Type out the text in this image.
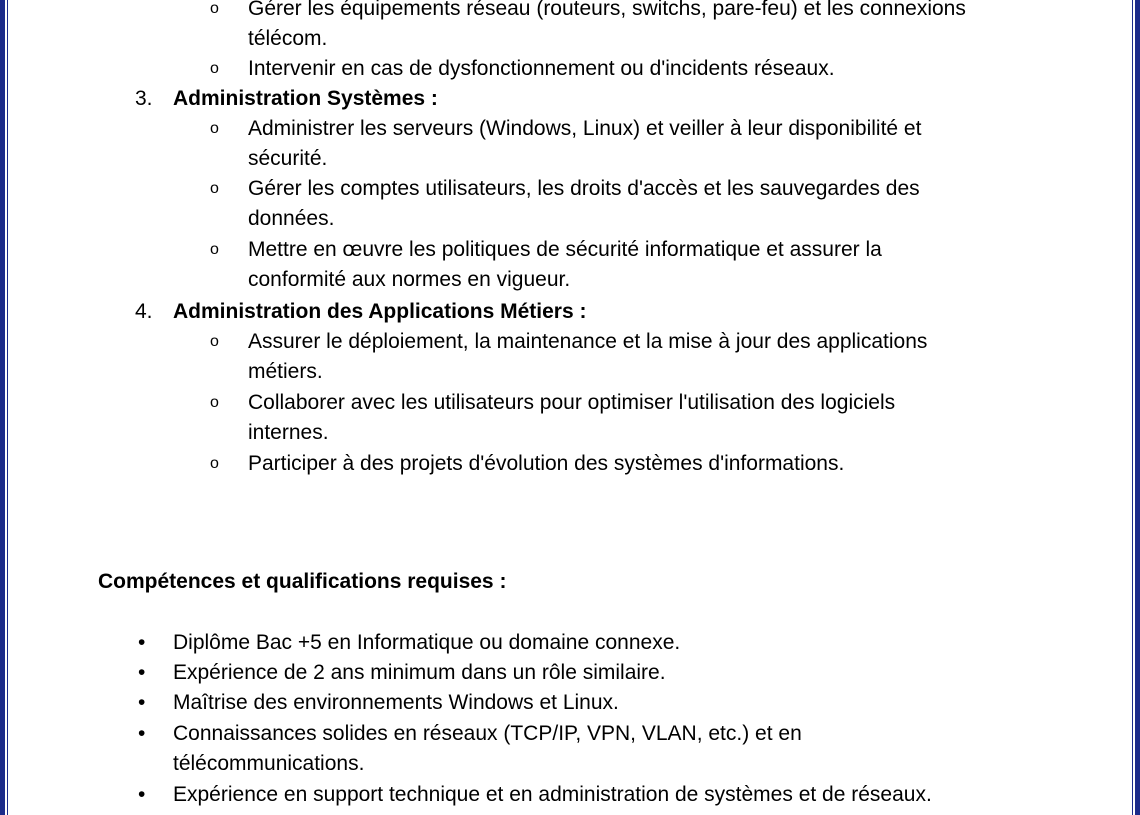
o Gérer les équipements réseau (routeurs, switchs, pare-feu) et les connexions
télécom.
o Intervenir en cas de dysfonctionnement ou d'incidents réseaux.
3. Administration Systèmes :
o Administrer les serveurs (Windows, Linux) et veiller à leur disponibilité et
sécurité.
o Gérer les comptes utilisateurs, les droits d'accès et les sauvegardes des
données.
o Mettre en œuvre les politiques de sécurité informatique et assurer la
conformité aux normes en vigueur.
4. Administration des Applications Métiers :
o Assurer le déploiement, la maintenance et la mise à jour des applications
métiers.
o Collaborer avec les utilisateurs pour optimiser l'utilisation des logiciels
internes.
o Participer à des projets d'évolution des systèmes d'informations.
Compétences et qualifications requises :
• Diplôme Bac +5 en Informatique ou domaine connexe.
• Expérience de 2 ans minimum dans un rôle similaire.
• Maîtrise des environnements Windows et Linux.
• Connaissances solides en réseaux (TCP/IP, VPN, VLAN, etc.) et en
télécommunications.
• Expérience en support technique et en administration de systèmes et de réseaux.
